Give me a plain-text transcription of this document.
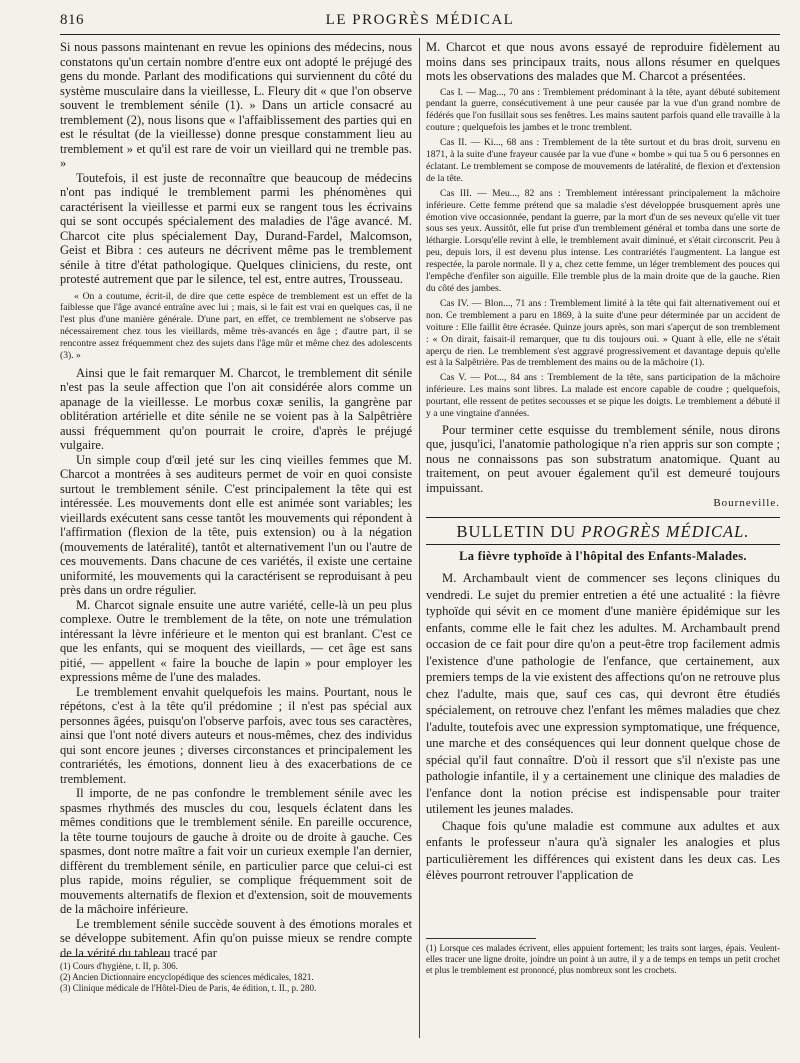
816	LE PROGRÈS MÉDICAL

Si nous passons maintenant en revue les opinions des médecins, nous constatons qu'un certain nombre d'entre eux ont adopté le préjugé des gens du monde. Parlant des modifications qui surviennent du côté du système musculaire dans la vieillesse, L. Fleury dit « que l'on observe souvent le tremblement sénile (1). » Dans un article consacré au tremblement (2), nous lisons que « l'affaiblissement des parties qui en est le résultat (de la vieillesse) donne presque constamment lieu au tremblement » et qu'il est rare de voir un vieillard qui ne tremble pas. »

Toutefois, il est juste de reconnaître que beaucoup de médecins n'ont pas indiqué le tremblement parmi les phénomènes qui caractérisent la vieillesse et parmi eux se rangent tous les écrivains qui se sont occupés spécialement des maladies de l'âge avancé. M. Charcot cite plus spécialement Day, Durand-Fardel, Malcomson, Geist et Bibra : ces auteurs ne décrivent même pas le tremblement sénile à titre d'état pathologique. Quelques cliniciens, du reste, ont protesté autrement que par le silence, tel est, entre autres, Trousseau.

« On a coutume, écrit-il, de dire que cette espèce de tremblement est un effet de la faiblesse que l'âge avancé entraîne avec lui ; mais, si le fait est vrai en quelques cas, il ne l'est plus d'une manière générale. D'une part, en effet, ce tremblement ne s'observe pas nécessairement chez tous les vieillards, même très-avancés en âge ; d'autre part, il se rencontre assez fréquemment chez des sujets dans l'âge mûr et même chez des adolescents (3). »

Ainsi que le fait remarquer M. Charcot, le tremblement dit sénile n'est pas la seule affection que l'on ait considérée alors comme un apanage de la vieillesse. Le morbus coxæ senilis, la gangrène par oblitération artérielle et dite sénile ne se voient pas à la Salpêtrière aussi fréquemment qu'on pourrait le croire, d'après le préjugé vulgaire.

Un simple coup d'œil jeté sur les cinq vieilles femmes que M. Charcot a montrées à ses auditeurs permet de voir en quoi consiste surtout le tremblement sénile. C'est principalement la tête qui est intéressée. Les mouvements dont elle est animée sont variables; les vieillards exécutent sans cesse tantôt les mouvements qui répondent à l'affirmation (flexion de la tête, puis extension) ou à la négation (mouvements de latéralité), tantôt et alternativement l'un ou l'autre de ces mouvements. Dans chacune de ces variétés, il existe une certaine uniformité, les mouvements qui la caractérisent se reproduisant à peu près dans un ordre régulier.

M. Charcot signale ensuite une autre variété, celle-là un peu plus complexe. Outre le tremblement de la tête, on note une trémulation intéressant la lèvre inférieure et le menton qui est branlant. C'est ce que les enfants, qui se moquent des vieillards, — cet âge est sans pitié, — appellent « faire la bouche de lapin » pour employer les expressions même de l'une des malades.

Le tremblement envahit quelquefois les mains. Pourtant, nous le répétons, c'est à la tête qu'il prédomine ; il n'est pas spécial aux personnes âgées, puisqu'on l'observe parfois, avec tous ses caractères, ainsi que l'ont noté divers auteurs et nous-mêmes, chez des individus qui sont encore jeunes ; diverses circonstances et principalement les contrariétés, les émotions, donnent lieu à des exacerbations de ce tremblement.

Il importe, de ne pas confondre le tremblement sénile avec les spasmes rhythmés des muscles du cou, lesquels éclatent dans les mêmes conditions que le tremblement sénile. En pareille occurence, la tête tourne toujours de gauche à droite ou de droite à gauche. Ces spasmes, dont notre maître a fait voir un curieux exemple l'an dernier, diffèrent du tremblement sénile, en particulier parce que celui-ci est plus rapide, moins régulier, se complique fréquemment soit de mouvements alternatifs de flexion et d'extension, soit de mouvements de la mâchoire inférieure.

Le tremblement sénile succède souvent à des émotions morales et se développe subitement. Afin qu'on puisse mieux se rendre compte de la vérité du tableau tracé par

(1) Cours d'hygiène, t. II, p. 306.

(2) Ancien Dictionnaire encyclopédique des sciences médicales, 1821.

(3) Clinique médicale de l'Hôtel-Dieu de Paris, 4e édition, t. II., p. 280.

M. Charcot et que nous avons essayé de reproduire fidèlement au moins dans ses principaux traits, nous allons résumer en quelques mots les observations des malades que M. Charcot a présentées.

Cas I. — Mag..., 70 ans : Tremblement prédominant à la tête, ayant débuté subitement pendant la guerre, consécutivement à une peur causée par la vue d'un grand nombre de fédérés que l'on fusillait sous ses fenêtres. Les mains sautent parfois quand elle travaille à la couture ; quelquefois les jambes et le tronc tremblent.

Cas II. — Ki..., 68 ans : Tremblement de la tête surtout et du bras droit, survenu en 1871, à la suite d'une frayeur causée par la vue d'une « bombe » qui tua 5 ou 6 personnes en éclatant. Le tremblement se compose de mouvements de latéralité, de flexion et d'extension de la tête.

Cas III. — Meu..., 82 ans : Tremblement intéressant principalement la mâchoire inférieure. Cette femme prétend que sa maladie s'est développée brusquement après une émotion vive occasionnée, pendant la guerre, par la mort d'un de ses neveux qu'elle vit tuer sous ses yeux. Aussitôt, elle fut prise d'un tremblement général et tomba dans une sorte de léthargie. Lorsqu'elle revint à elle, le tremblement avait diminué, et s'était circonscrit. Peu à peu, depuis lors, il est devenu plus intense. Les contrariétés l'augmentent. La langue est respectée, la parole normale. Il y a, chez cette femme, un léger tremblement des pouces qui l'empêche d'enfiler son aiguille. Elle tremble plus de la main droite que de la gauche. Rien du côté des jambes.

Cas IV. — Blon..., 71 ans : Tremblement limité à la tête qui fait alternativement oui et non. Ce tremblement a paru en 1869, à la suite d'une peur déterminée par un accident de voiture : Elle faillit être écrasée. Quinze jours après, son mari s'aperçut de son tremblement : « On dirait, faisait-il remarquer, que tu dis toujours oui. » Quant à elle, elle ne s'était aperçu de rien. Le tremblement s'est aggravé progressivement et davantage depuis qu'elle est à la Salpêtrière. Pas de tremblement des mains ou de la mâchoire (1).

Cas V. — Pot..., 84 ans : Tremblement de la tête, sans participation de la mâchoire inférieure. Les mains sont libres. La malade est encore capable de coudre ; quelquefois, pourtant, elle ressent de petites secousses et se pique les doigts. Le tremblement a débuté il y a une vingtaine d'années.

Pour terminer cette esquisse du tremblement sénile, nous dirons que, jusqu'ici, l'anatomie pathologique n'a rien appris sur son compte ; nous ne connaissons pas son substratum anatomique. Quant au traitement, on peut avouer également qu'il est demeuré toujours impuissant.

Bourneville.

BULLETIN DU PROGRÈS MÉDICAL.

La fièvre typhoïde à l'hôpital des Enfants-Malades.

M. Archambault vient de commencer ses leçons cliniques du vendredi. Le sujet du premier entretien a été une actualité : la fièvre typhoïde qui sévit en ce moment d'une manière épidémique sur les enfants, comme elle le fait chez les adultes. M. Archambault prend occasion de ce fait pour dire qu'on a peut-être trop facilement admis l'existence d'une pathologie de l'enfance, que certainement, aux premiers temps de la vie existent des affections qu'on ne retrouve plus chez l'adulte, mais que, sauf ces cas, qui devront être étudiés spécialement, on retrouve chez l'enfant les mêmes maladies que chez l'adulte, toutefois avec une expression symptomatique, une fréquence, une marche et des conséquences qui leur donnent quelque chose de spécial qu'il faut connaître. D'où il ressort que s'il n'existe pas une pathologie infantile, il y a certainement une clinique des maladies de l'enfance dont la notion précise est indispensable pour traiter utilement les jeunes malades.

Chaque fois qu'une maladie est commune aux adultes et aux enfants le professeur n'aura qu'à signaler les analogies et plus particulièrement les différences qui existent dans les deux cas. Les élèves pourront retrouver l'application de

(1) Lorsque ces malades écrivent, elles appuient fortement; les traits sont larges, épais. Veulent-elles tracer une ligne droite, joindre un point à un autre, il y a de temps en temps un petit crochet et plus le tremblement est prononcé, plus nombreux sont les crochets.
